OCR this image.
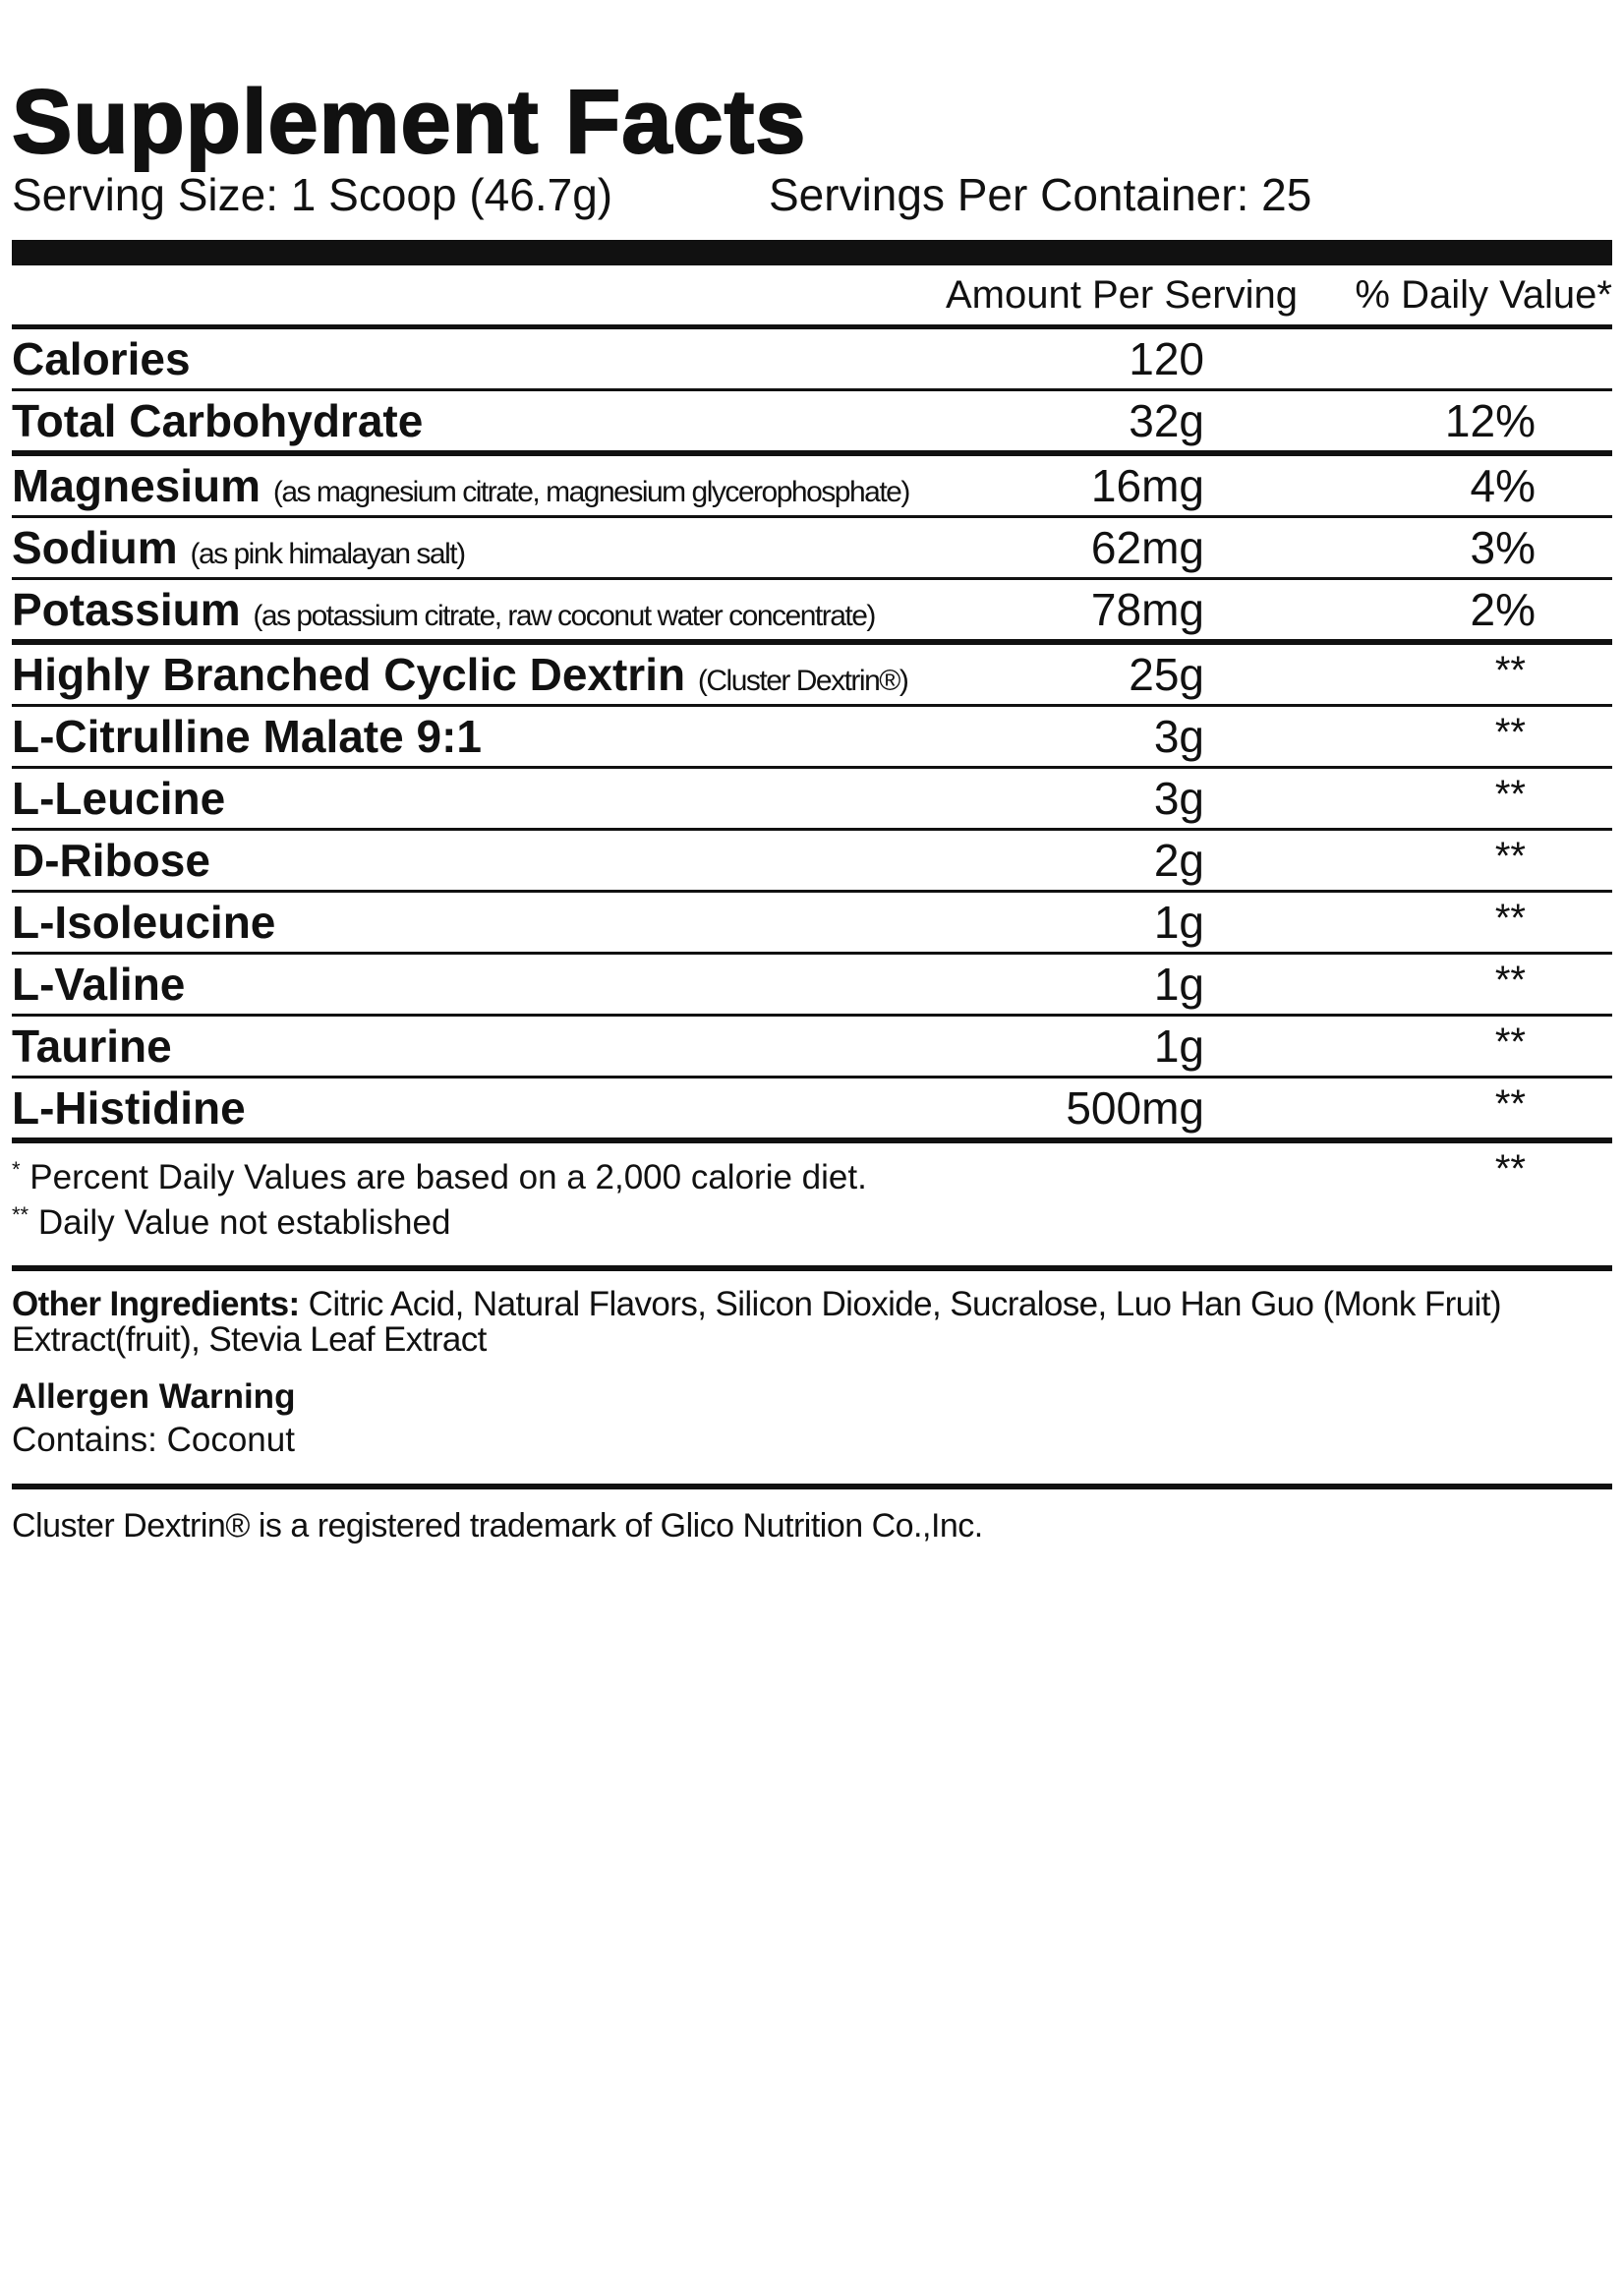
Supplement Facts
Serving Size: 1 Scoop (46.7g)	Servings Per Container: 25
Amount Per Serving	% Daily Value*
Calories	120
Total Carbohydrate	32g	12%
Magnesium (as magnesium citrate, magnesium glycerophosphate)	16mg	4%
Sodium (as pink himalayan salt)	62mg	3%
Potassium (as potassium citrate, raw coconut water concentrate)	78mg	2%
Highly Branched Cyclic Dextrin (Cluster Dextrin®)	25g	**
L-Citrulline Malate 9:1	3g	**
L-Leucine	3g	**
D-Ribose	2g	**
L-Isoleucine	1g	**
L-Valine	1g	**
Taurine	1g	**
L-Histidine	500mg	**
* Percent Daily Values are based on a 2,000 calorie diet.
** Daily Value not established
**
Other Ingredients: Citric Acid, Natural Flavors, Silicon Dioxide, Sucralose, Luo Han Guo (Monk Fruit) Extract(fruit), Stevia Leaf Extract
Allergen Warning
Contains: Coconut
Cluster Dextrin® is a registered trademark of Glico Nutrition Co.,Inc.
